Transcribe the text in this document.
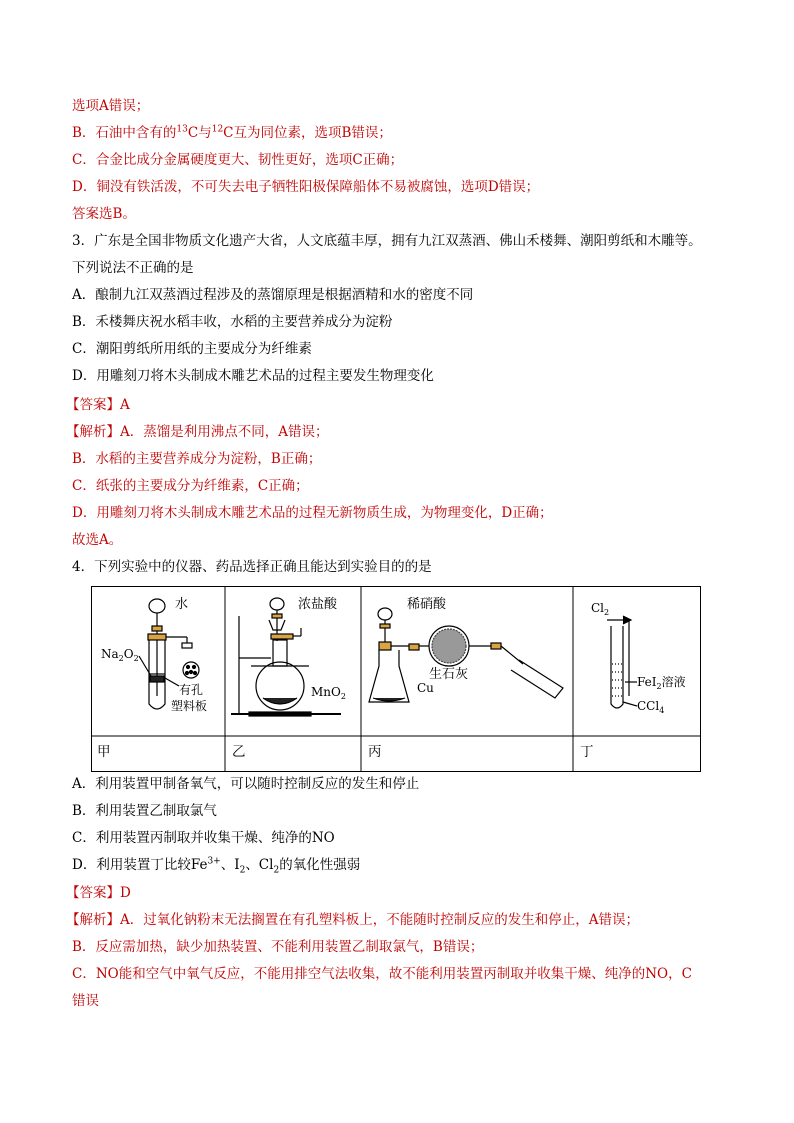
选项A错误；
B．石油中含有的$^{13}$C与$^{12}$C互为同位素，选项B错误；
C．合金比成分金属硬度更大、韧性更好，选项C正确；
D．铜没有铁活泼，不可失去电子牺牲阳极保障船体不易被腐蚀，选项D错误；
答案选B。
3．广东是全国非物质文化遗产大省，人文底蕴丰厚，拥有九江双蒸酒、佛山禾楼舞、潮阳剪纸和木雕等。
下列说法不正确的是
A．酿制九江双蒸酒过程涉及的蒸馏原理是根据酒精和水的密度不同
B．禾楼舞庆祝水稻丰收，水稻的主要营养成分为淀粉
C．潮阳剪纸所用纸的主要成分为纤维素
D．用雕刻刀将木头制成木雕艺术品的过程主要发生物理变化
【答案】A
【解析】A．蒸馏是利用沸点不同，A错误；
B．水稻的主要营养成分为淀粉，B正确；
C．纸张的主要成分为纤维素，C正确；
D．用雕刻刀将木头制成木雕艺术品的过程无新物质生成，为物理变化，D正确；
故选A。
4．下列实验中的仪器、药品选择正确且能达到实验目的的是
水
$Na_2O_2$
有孔
塑料板
浓盐酸
MnO$_2$
稀硝酸
生石灰
Cu
$Cl_2$
FeI$_2$溶液
CCl$_4$
甲	乙	丙	丁
A．利用装置甲制备氧气，可以随时控制反应的发生和停止
B．利用装置乙制取氯气
C．利用装置丙制取并收集干燥、纯净的NO
D．利用装置丁比较$Fe^{3+}$、$I_2$、$Cl_2$的氧化性强弱
【答案】D
【解析】A．过氧化钠粉末无法搁置在有孔塑料板上，不能随时控制反应的发生和停止，A错误；
B．反应需加热，缺少加热装置、不能利用装置乙制取氯气，B错误；
C．NO能和空气中氧气反应，不能用排空气法收集，故不能利用装置丙制取并收集干燥、纯净的NO，C
错误
